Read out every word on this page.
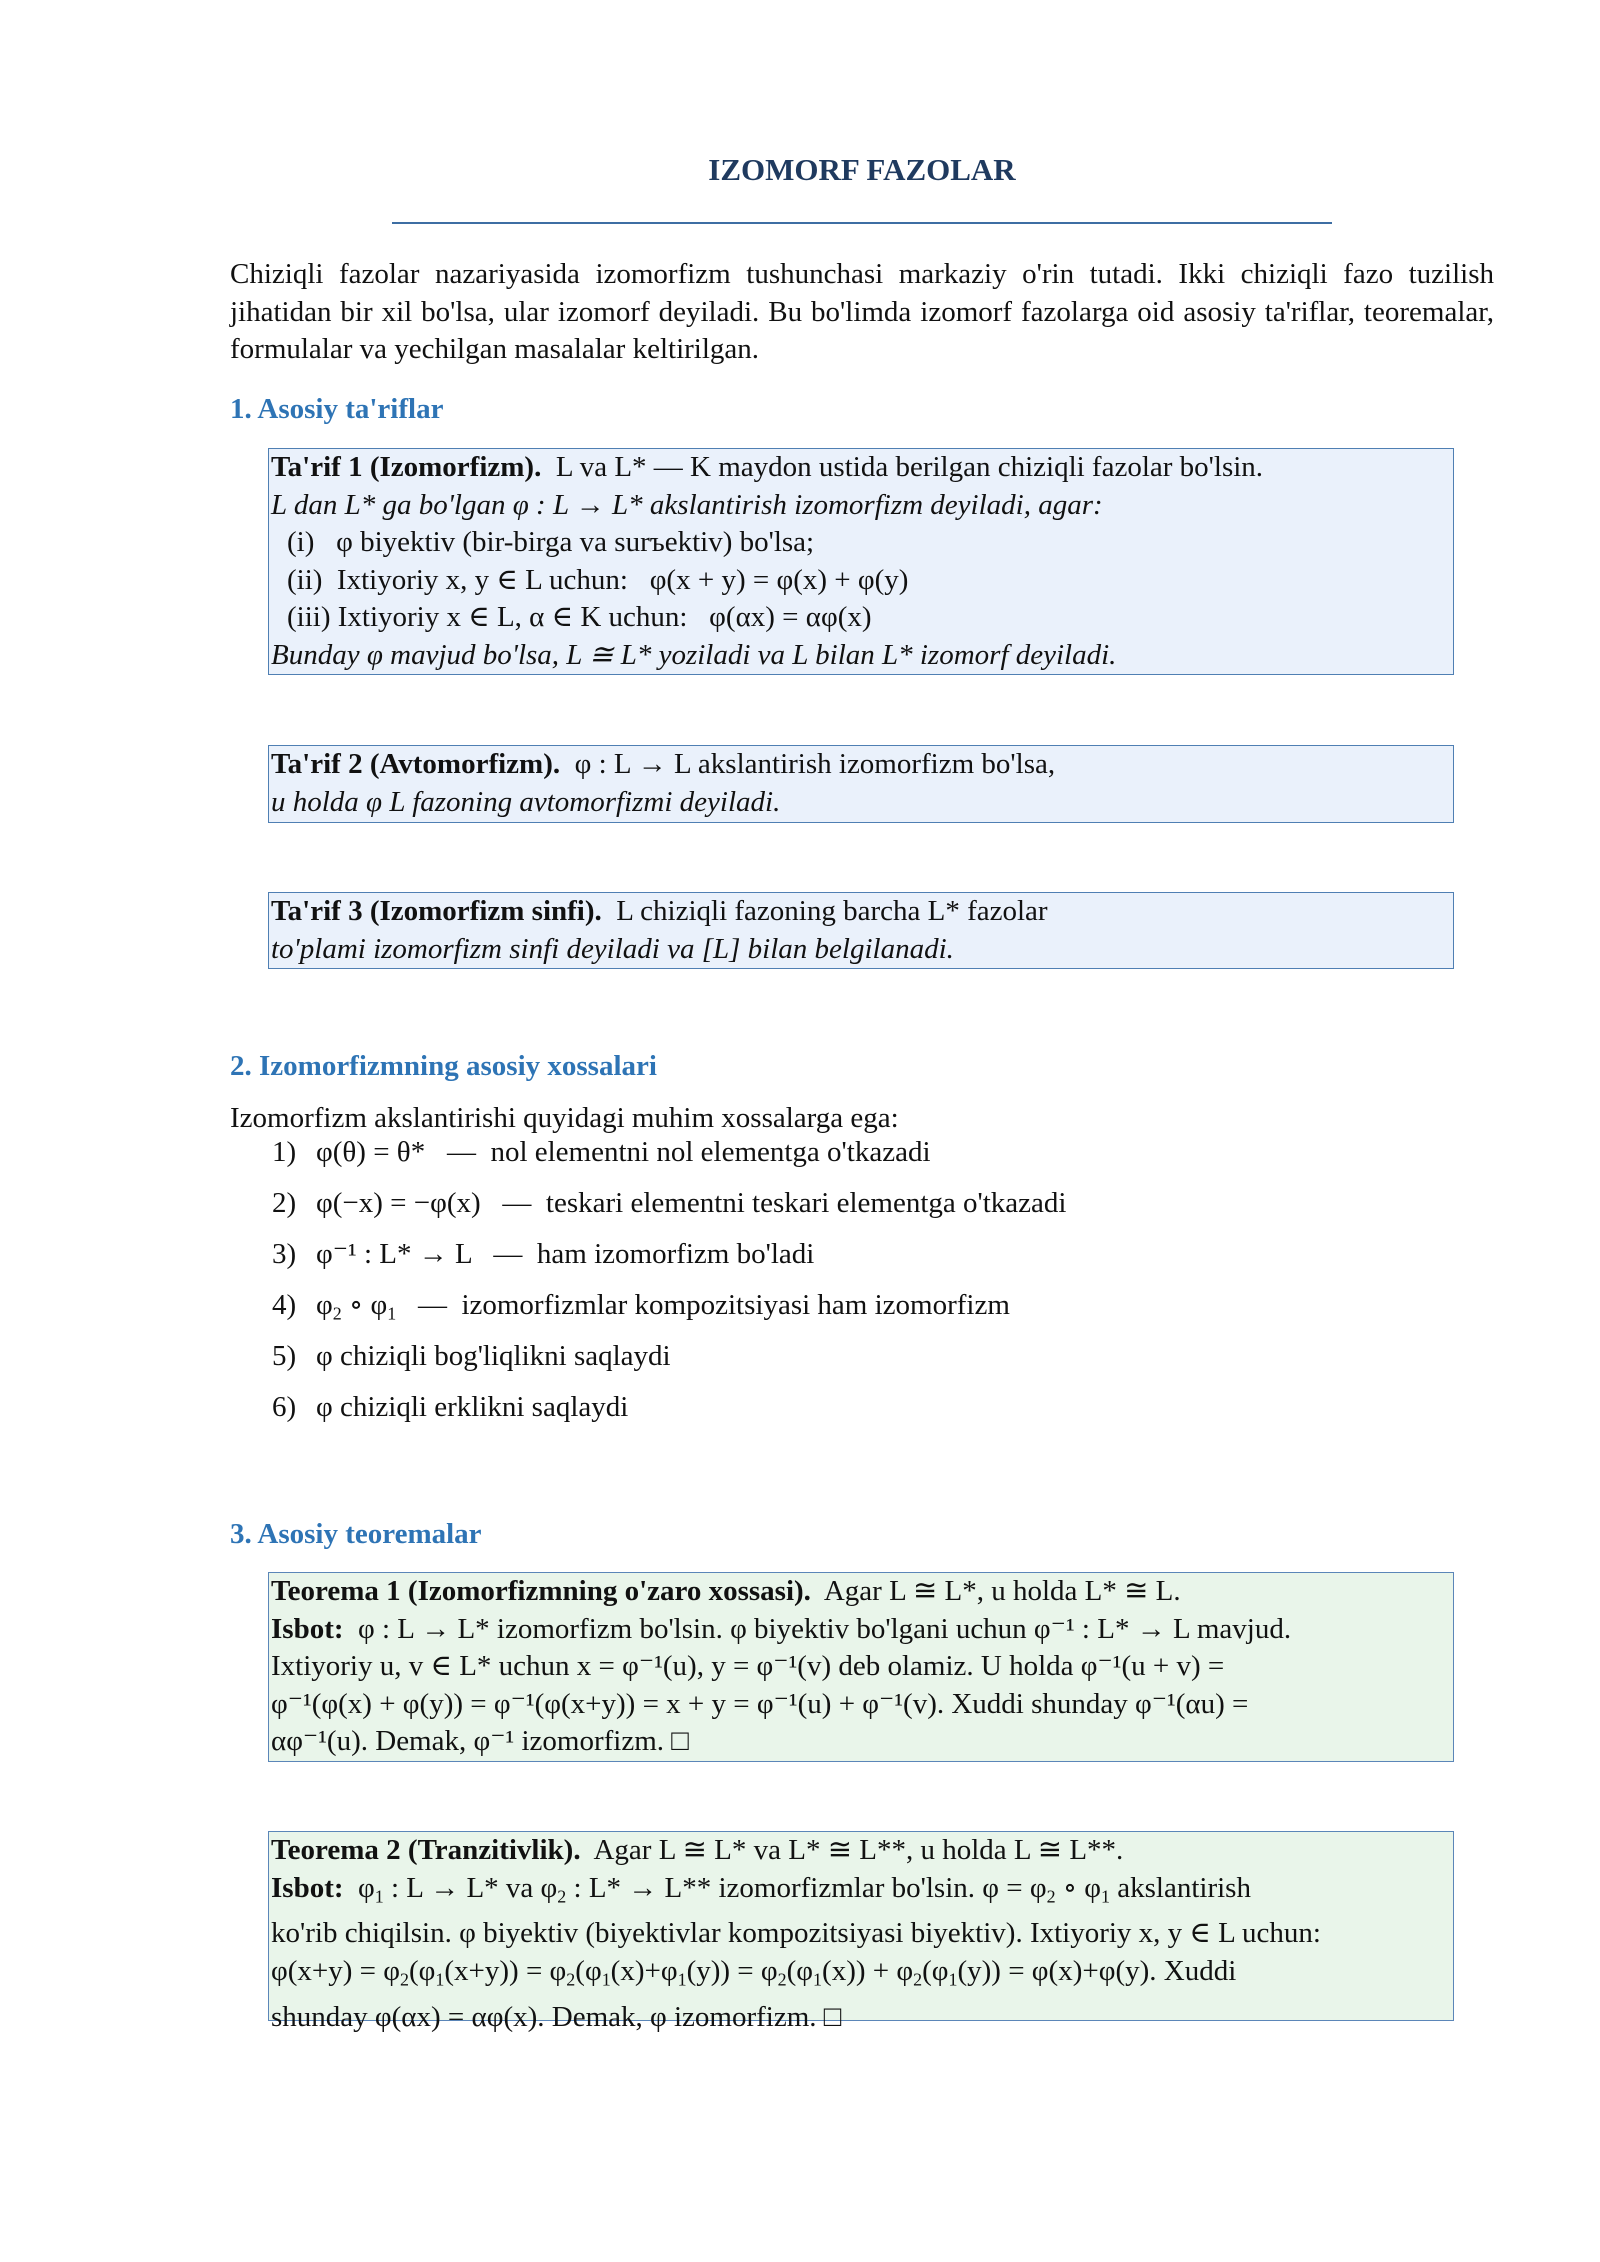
IZOMORF FAZOLAR

Chiziqli fazolar nazariyasida izomorfizm tushunchasi markaziy o'rin tutadi. Ikki chiziqli fazo tuzilish jihatidan bir xil bo'lsa, ular izomorf deyiladi. Bu bo'limda izomorf fazolarga oid asosiy ta'riflar, teoremalar, formulalar va yechilgan masalalar keltirilgan.

1. Asosiy ta'riflar
Ta'rif 1 (Izomorfizm). L va L* — K maydon ustida berilgan chiziqli fazolar bo'lsin.
L dan L* ga bo'lgan φ : L → L* akslantirish izomorfizm deyiladi, agar:
(i)   φ biyektiv (bir-birga va surъektiv) bo'lsa;
(ii)  Ixtiyoriy x, y ∈ L uchun:   φ(x + y) = φ(x) + φ(y)
(iii) Ixtiyoriy x ∈ L, α ∈ K uchun:   φ(αx) = αφ(x)
Bunday φ mavjud bo'lsa, L ≅ L* yoziladi va L bilan L* izomorf deyiladi.
Ta'rif 2 (Avtomorfizm). φ : L → L akslantirish izomorfizm bo'lsa,
u holda φ L fazoning avtomorfizmi deyiladi.
Ta'rif 3 (Izomorfizm sinfi). L chiziqli fazoning barcha L* fazolar
to'plami izomorfizm sinfi deyiladi va [L] bilan belgilanadi.
2. Izomorfizmning asosiy xossalari
Izomorfizm akslantirishi quyidagi muhim xossalarga ega:
1) φ(θ) = θ*   —  nol elementni nol elementga o'tkazadi
2) φ(−x) = −φ(x)   —  teskari elementni teskari elementga o'tkazadi
3) φ⁻¹ : L* → L   —  ham izomorfizm bo'ladi
4) $\varphi_2$ ∘ $\varphi_1$   —  izomorfizmlar kompozitsiyasi ham izomorfizm
5) φ chiziqli bog'liqlikni saqlaydi
6) φ chiziqli erklikni saqlaydi
3. Asosiy teoremalar
Teorema 1 (Izomorfizmning o'zaro xossasi). Agar L ≅ L*, u holda L* ≅ L.
Isbot: φ : L → L* izomorfizm bo'lsin. φ biyektiv bo'lgani uchun φ⁻¹ : L* → L mavjud.
Ixtiyoriy u, v ∈ L* uchun x = φ⁻¹(u), y = φ⁻¹(v) deb olamiz. U holda φ⁻¹(u + v) =
φ⁻¹(φ(x) + φ(y)) = φ⁻¹(φ(x+y)) = x + y = φ⁻¹(u) + φ⁻¹(v). Xuddi shunday φ⁻¹(αu) =
αφ⁻¹(u). Demak, φ⁻¹ izomorfizm. □
Teorema 2 (Tranzitivlik). Agar L ≅ L* va L* ≅ L**, u holda L ≅ L**.
Isbot: $\varphi_1$ : L → L* va $\varphi_2$ : L* → L** izomorfizmlar bo'lsin. $\varphi = \varphi_2$ ∘ $\varphi_1$ akslantirish
ko'rib chiqilsin. φ biyektiv (biyektivlar kompozitsiyasi biyektiv). Ixtiyoriy x, y ∈ L uchun:
$\varphi(x+y) = \varphi_2(\varphi_1(x+y)) = \varphi_2(\varphi_1(x)+\varphi_1(y)) = \varphi_2(\varphi_1(x)) + \varphi_2(\varphi_1(y)) = \varphi(x)+\varphi(y)$. Xuddi
shunday φ(αx) = αφ(x). Demak, φ izomorfizm. □
